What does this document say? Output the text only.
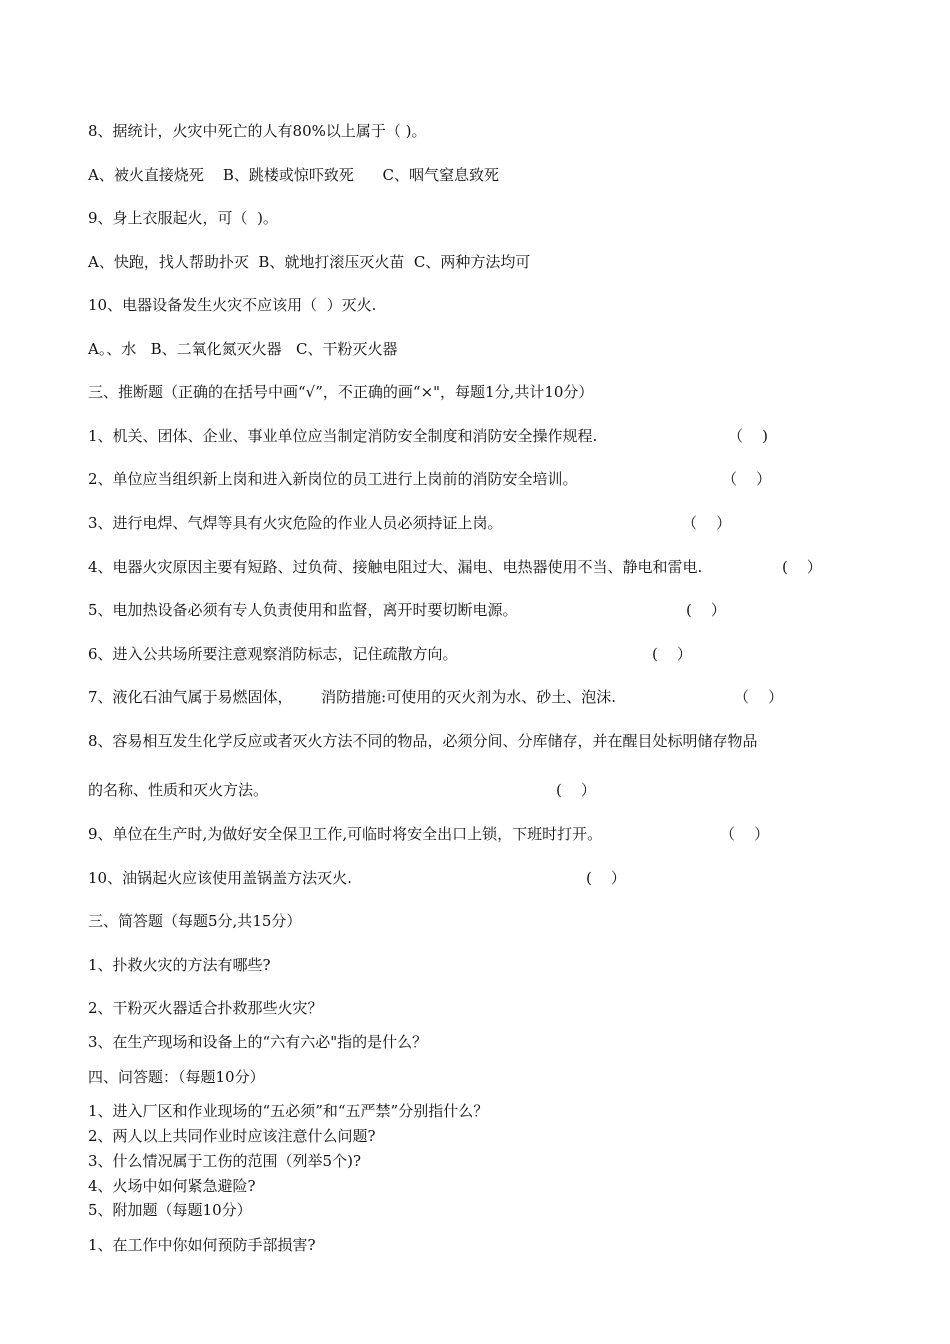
8、据统计，火灾中死亡的人有80%以上属于（ )。
A、被火直接烧死    B、跳楼或惊吓致死      C、咽气窒息致死
9、身上衣服起火，可（  )。
A、快跑，找人帮助扑灭  B、就地打滚压灭火苗  C、两种方法均可
10、电器设备发生火灾不应该用（  ）灭火.
A。、水   B、二氧化氮灭火器   C、干粉灭火器
三、推断题（正确的在括号中画“√”，不正确的画“×"，每题1分,共计10分）
1、机关、团体、企业、事业单位应当制定消防安全制度和消防安全操作规程.	（    )
2、单位应当组织新上岗和进入新岗位的员工进行上岗前的消防安全培训。	（    ）
3、进行电焊、气焊等具有火灾危险的作业人员必须持证上岗。	（    ）
4、电器火灾原因主要有短路、过负荷、接触电阻过大、漏电、电热器使用不当、静电和雷电.	(    ）
5、电加热设备必须有专人负责使用和监督，离开时要切断电源。	(    ）
6、进入公共场所要注意观察消防标志，记住疏散方向。	(    ）
7、液化石油气属于易燃固体，      消防措施:可使用的灭火剂为水、砂土、泡沫.	（    ）
8、容易相互发生化学反应或者灭火方法不同的物品，必须分间、分库储存，并在醒目处标明储存物品
的名称、性质和灭火方法。	(    ）
9、单位在生产时,为做好安全保卫工作,可临时将安全出口上锁，下班时打开。	（    ）
10、油锅起火应该使用盖锅盖方法灭火.	(    ）
三、简答题（每题5分,共15分）
1、扑救火灾的方法有哪些?
2、干粉灭火器适合扑救那些火灾？
3、在生产现场和设备上的“六有六必"指的是什么？
四、问答题：（每题10分）
1、进入厂区和作业现场的“五必须”和“五严禁”分别指什么？
2、两人以上共同作业时应该注意什么问题?
3、什么情况属于工伤的范围（列举5个)?
4、火场中如何紧急避险?
5、附加题（每题10分）
1、在工作中你如何预防手部损害?
